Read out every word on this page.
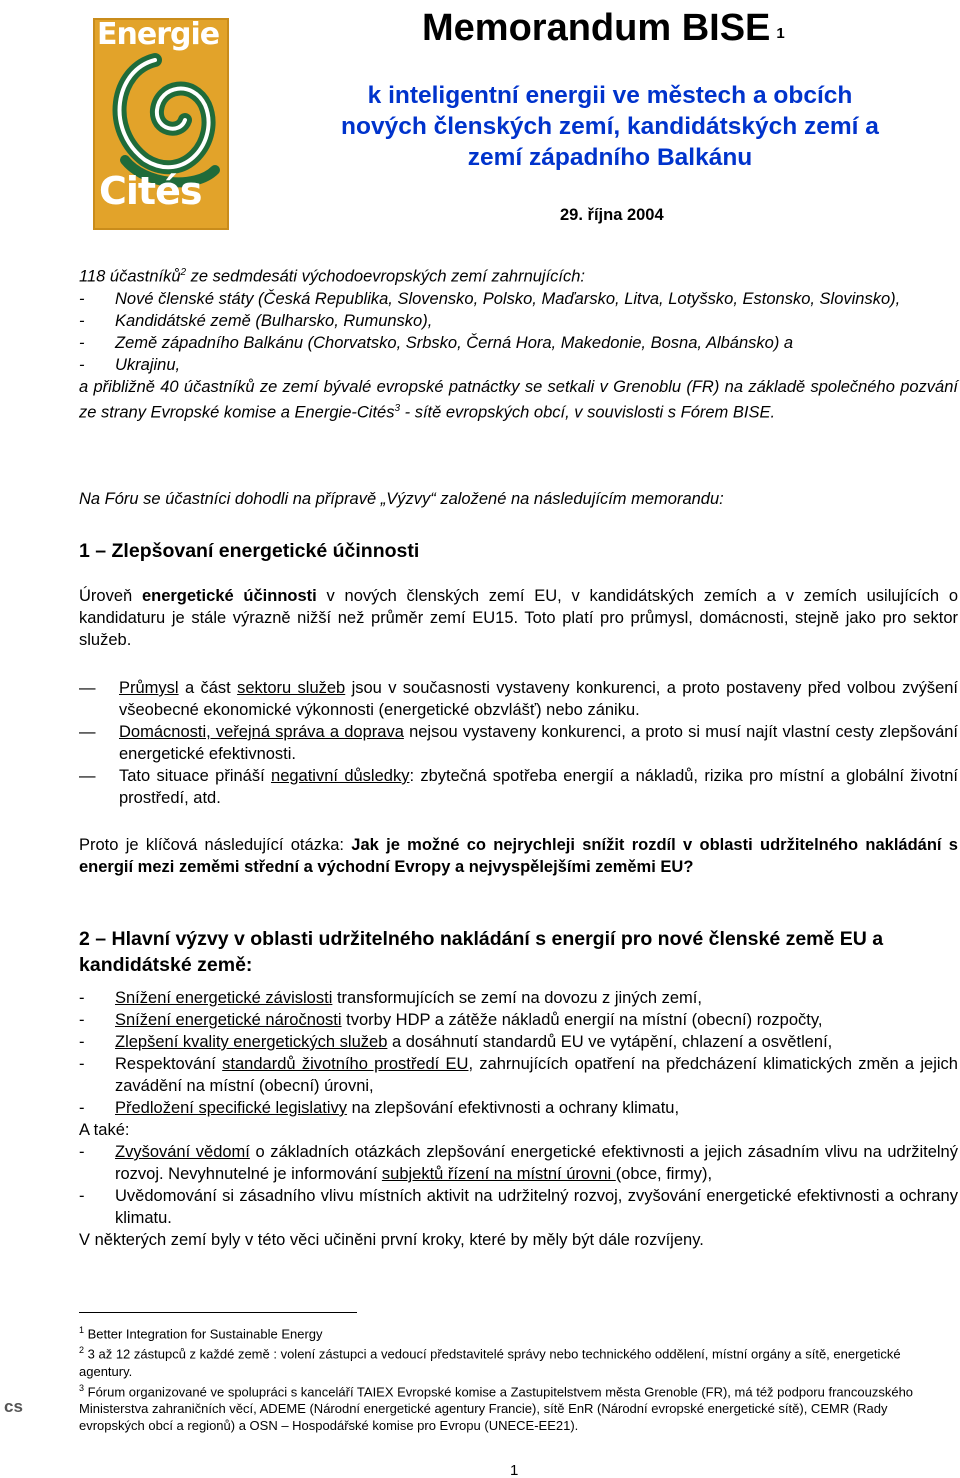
Energie
Cités
Memorandum BISE $^1$
k inteligentní energii ve městech a obcích
nových členských zemí, kandidátských zemí a
zemí západního Balkánu
29. října 2004
118 účastníků$^2$ ze sedmdesáti východoevropských zemí zahrnujících:
-	Nové členské státy (Česká Republika, Slovensko, Polsko, Maďarsko, Litva, Lotyšsko, Estonsko, Slovinsko),
-	Kandidátské země (Bulharsko, Rumunsko),
-	Země západního Balkánu (Chorvatsko, Srbsko, Černá Hora, Makedonie, Bosna, Albánsko) a
-	Ukrajinu,
a přibližně 40 účastníků ze zemí bývalé evropské patnáctky se setkali v Grenoblu (FR) na základě společného pozvání ze strany Evropské komise a Energie-Cités$^3$ - sítě evropských obcí, v souvislosti s Fórem BISE.
Na Fóru se účastníci dohodli na přípravě „Výzvy“ založené na následujícím memorandu:
1 – Zlepšovaní energetické účinnosti
Úroveň energetické účinnosti v nových členských zemí EU, v kandidátských zemích a v zemích usilujících o kandidaturu je stále výrazně nižší než průměr zemí EU15. Toto platí pro průmysl, domácnosti, stejně jako pro sektor služeb.
—	Průmysl a část sektoru služeb jsou v současnosti vystaveny konkurenci, a proto postaveny před volbou zvýšení všeobecné ekonomické výkonnosti (energetické obzvlášť) nebo zániku.
—	Domácnosti, veřejná správa a doprava nejsou vystaveny konkurenci, a proto si musí najít vlastní cesty zlepšování energetické efektivnosti.
—	Tato situace přináší negativní důsledky: zbytečná spotřeba energií a nákladů, rizika pro místní a globální životní prostředí, atd.
Proto je klíčová následující otázka: Jak je možné co nejrychleji snížit rozdíl v oblasti udržitelného nakládání s energií mezi zeměmi střední a východní Evropy a nejvyspělejšími zeměmi EU?
2 – Hlavní výzvy v oblasti udržitelného nakládání s energií pro nové členské země EU a kandidátské země:
-	Snížení energetické závislosti transformujících se zemí na dovozu z jiných zemí,
-	Snížení energetické náročnosti tvorby HDP a zátěže nákladů energií na místní (obecní) rozpočty,
-	Zlepšení kvality energetických služeb a dosáhnutí standardů EU ve vytápění, chlazení a osvětlení,
-	Respektování standardů životního prostředí EU, zahrnujících opatření na předcházení klimatických změn a jejich zavádění na místní (obecní) úrovni,
-	Předložení specifické legislativy na zlepšování efektivnosti a ochrany klimatu,
A také:
-	Zvyšování vědomí o základních otázkách zlepšování energetické efektivnosti a jejich zásadním vlivu na udržitelný rozvoj. Nevyhnutelné je informování subjektů řízení na místní úrovni (obce, firmy),
-	Uvědomování si zásadního vlivu místních aktivit na udržitelný rozvoj, zvyšování energetické efektivnosti a ochrany klimatu.
V některých zemí byly v této věci učiněni první kroky, které by měly být dále rozvíjeny.
$^1$ Better Integration for Sustainable Energy
$^2$ 3 až 12 zástupců z každé země : volení zástupci a vedoucí představitelé správy nebo technického oddělení, místní orgány a sítě, energetické agentury.
$^3$ Fórum organizované ve spolupráci s kanceláří TAIEX Evropské komise a Zastupitelstvem města Grenoble (FR), má též podporu francouzského Ministerstva zahraničních věcí, ADEME (Národní energetické agentury Francie), sítě EnR (Národní evropské energetické sítě), CEMR (Rady evropských obcí a regionů) a OSN – Hospodářské komise pro Evropu (UNECE-EE21).
cs
1
